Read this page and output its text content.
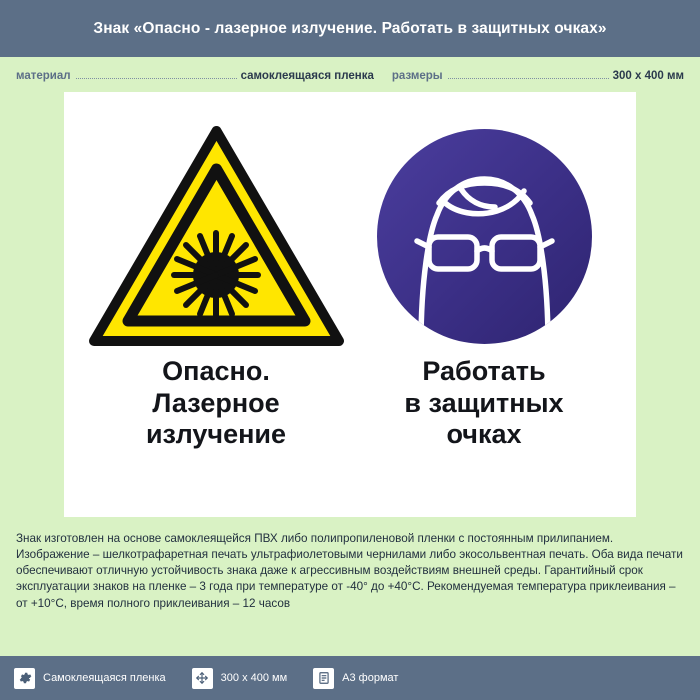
Знак «Опасно - лазерное излучение. Работать в защитных очках»
материал	самоклеящаяся пленка размеры	300 x 400 мм
Опасно.
Лазерное
излучение
Работать
в защитных
очках
Знак изготовлен на основе самоклеящейся ПВХ либо полипропиленовой пленки с постоянным прилипанием. Изображение – шелкотрафаретная печать ультрафиолетовыми чернилами либо экосольвентная печать. Оба вида печати обеспечивают отличную устойчивость знака даже к агрессивным воздействиям внешней среды. Гарантийный срок эксплуатации знаков на пленке – 3 года при температуре от -40° до +40°C. Рекомендуемая температура приклеивания – от +10°C, время полного приклеивания – 12 часов
Самоклеящаяся пленка	300 x 400 мм	A3 формат
